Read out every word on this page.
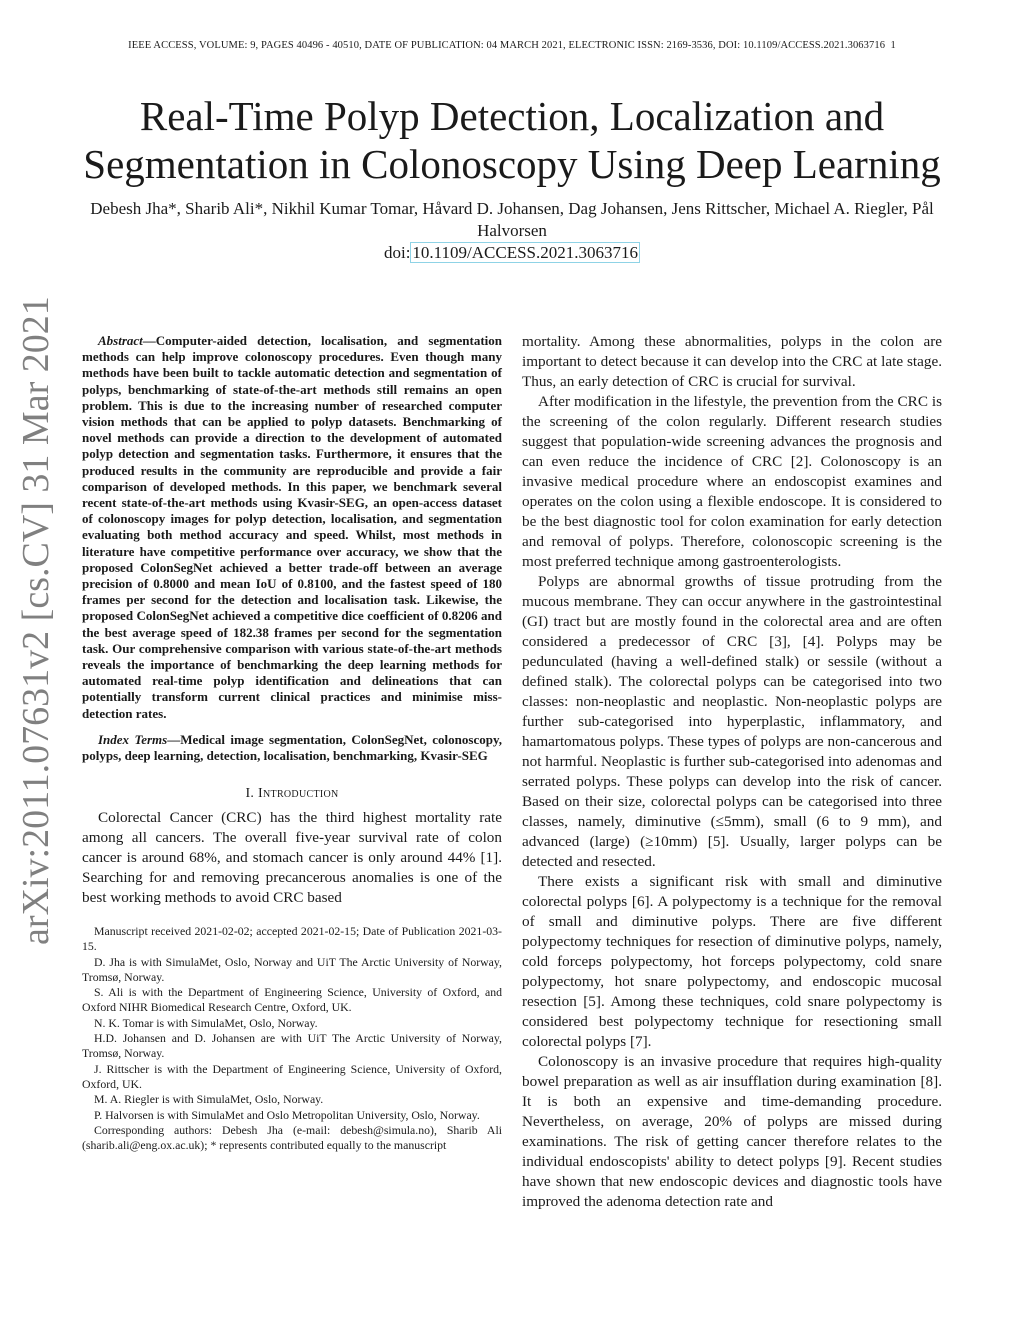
IEEE ACCESS, VOLUME: 9, PAGES 40496 - 40510, DATE OF PUBLICATION: 04 MARCH 2021, ELECTRONIC ISSN: 2169-3536, DOI: 10.1109/ACCESS.2021.3063716 1
arXiv:2011.07631v2 [cs.CV] 31 Mar 2021
Real-Time Polyp Detection, Localization and Segmentation in Colonoscopy Using Deep Learning
Debesh Jha*, Sharib Ali*, Nikhil Kumar Tomar, Håvard D. Johansen, Dag Johansen, Jens Rittscher, Michael A. Riegler, Pål Halvorsen
doi: 10.1109/ACCESS.2021.3063716

Abstract—Computer-aided detection, localisation, and segmentation methods can help improve colonoscopy procedures. Even though many methods have been built to tackle automatic detection and segmentation of polyps, benchmarking of state-of-the-art methods still remains an open problem. This is due to the increasing number of researched computer vision methods that can be applied to polyp datasets. Benchmarking of novel methods can provide a direction to the development of automated polyp detection and segmentation tasks. Furthermore, it ensures that the produced results in the community are reproducible and provide a fair comparison of developed methods. In this paper, we benchmark several recent state-of-the-art methods using Kvasir-SEG, an open-access dataset of colonoscopy images for polyp detection, localisation, and segmentation evaluating both method accuracy and speed. Whilst, most methods in literature have competitive performance over accuracy, we show that the proposed ColonSegNet achieved a better trade-off between an average precision of 0.8000 and mean IoU of 0.8100, and the fastest speed of 180 frames per second for the detection and localisation task. Likewise, the proposed ColonSegNet achieved a competitive dice coefficient of 0.8206 and the best average speed of 182.38 frames per second for the segmentation task. Our comprehensive comparison with various state-of-the-art methods reveals the importance of benchmarking the deep learning methods for automated real-time polyp identification and delineations that can potentially transform current clinical practices and minimise miss-detection rates.

Index Terms—Medical image segmentation, ColonSegNet, colonoscopy, polyps, deep learning, detection, localisation, benchmarking, Kvasir-SEG

I. Introduction

Colorectal Cancer (CRC) has the third highest mortality rate among all cancers. The overall five-year survival rate of colon cancer is around 68%, and stomach cancer is only around 44% [1]. Searching for and removing precancerous anomalies is one of the best working methods to avoid CRC based

Manuscript received 2021-02-02; accepted 2021-02-15; Date of Publication 2021-03-15.

D. Jha is with SimulaMet, Oslo, Norway and UiT The Arctic University of Norway, Tromsø, Norway.

S. Ali is with the Department of Engineering Science, University of Oxford, and Oxford NIHR Biomedical Research Centre, Oxford, UK.

N. K. Tomar is with SimulaMet, Oslo, Norway.

H.D. Johansen and D. Johansen are with UiT The Arctic University of Norway, Tromsø, Norway.

J. Rittscher is with the Department of Engineering Science, University of Oxford, Oxford, UK.

M. A. Riegler is with SimulaMet, Oslo, Norway.

P. Halvorsen is with SimulaMet and Oslo Metropolitan University, Oslo, Norway.

Corresponding authors: Debesh Jha (e-mail: debesh@simula.no), Sharib Ali (sharib.ali@eng.ox.ac.uk); * represents contributed equally to the manuscript

mortality. Among these abnormalities, polyps in the colon are important to detect because it can develop into the CRC at late stage. Thus, an early detection of CRC is crucial for survival.

After modification in the lifestyle, the prevention from the CRC is the screening of the colon regularly. Different research studies suggest that population-wide screening advances the prognosis and can even reduce the incidence of CRC [2]. Colonoscopy is an invasive medical procedure where an endoscopist examines and operates on the colon using a flexible endoscope. It is considered to be the best diagnostic tool for colon examination for early detection and removal of polyps. Therefore, colonoscopic screening is the most preferred technique among gastroenterologists.

Polyps are abnormal growths of tissue protruding from the mucous membrane. They can occur anywhere in the gastrointestinal (GI) tract but are mostly found in the colorectal area and are often considered a predecessor of CRC [3], [4]. Polyps may be pedunculated (having a well-defined stalk) or sessile (without a defined stalk). The colorectal polyps can be categorised into two classes: non-neoplastic and neoplastic. Non-neoplastic polyps are further sub-categorised into hyperplastic, inflammatory, and hamartomatous polyps. These types of polyps are non-cancerous and not harmful. Neoplastic is further sub-categorised into adenomas and serrated polyps. These polyps can develop into the risk of cancer. Based on their size, colorectal polyps can be categorised into three classes, namely, diminutive (≤5mm), small (6 to 9 mm), and advanced (large) (≥10mm) [5]. Usually, larger polyps can be detected and resected.

There exists a significant risk with small and diminutive colorectal polyps [6]. A polypectomy is a technique for the removal of small and diminutive polyps. There are five different polypectomy techniques for resection of diminutive polyps, namely, cold forceps polypectomy, hot forceps polypectomy, cold snare polypectomy, hot snare polypectomy, and endoscopic mucosal resection [5]. Among these techniques, cold snare polypectomy is considered best polypectomy technique for resectioning small colorectal polyps [7].

Colonoscopy is an invasive procedure that requires high-quality bowel preparation as well as air insufflation during examination [8]. It is both an expensive and time-demanding procedure. Nevertheless, on average, 20% of polyps are missed during examinations. The risk of getting cancer therefore relates to the individual endoscopists' ability to detect polyps [9]. Recent studies have shown that new endoscopic devices and diagnostic tools have improved the adenoma detection rate and
